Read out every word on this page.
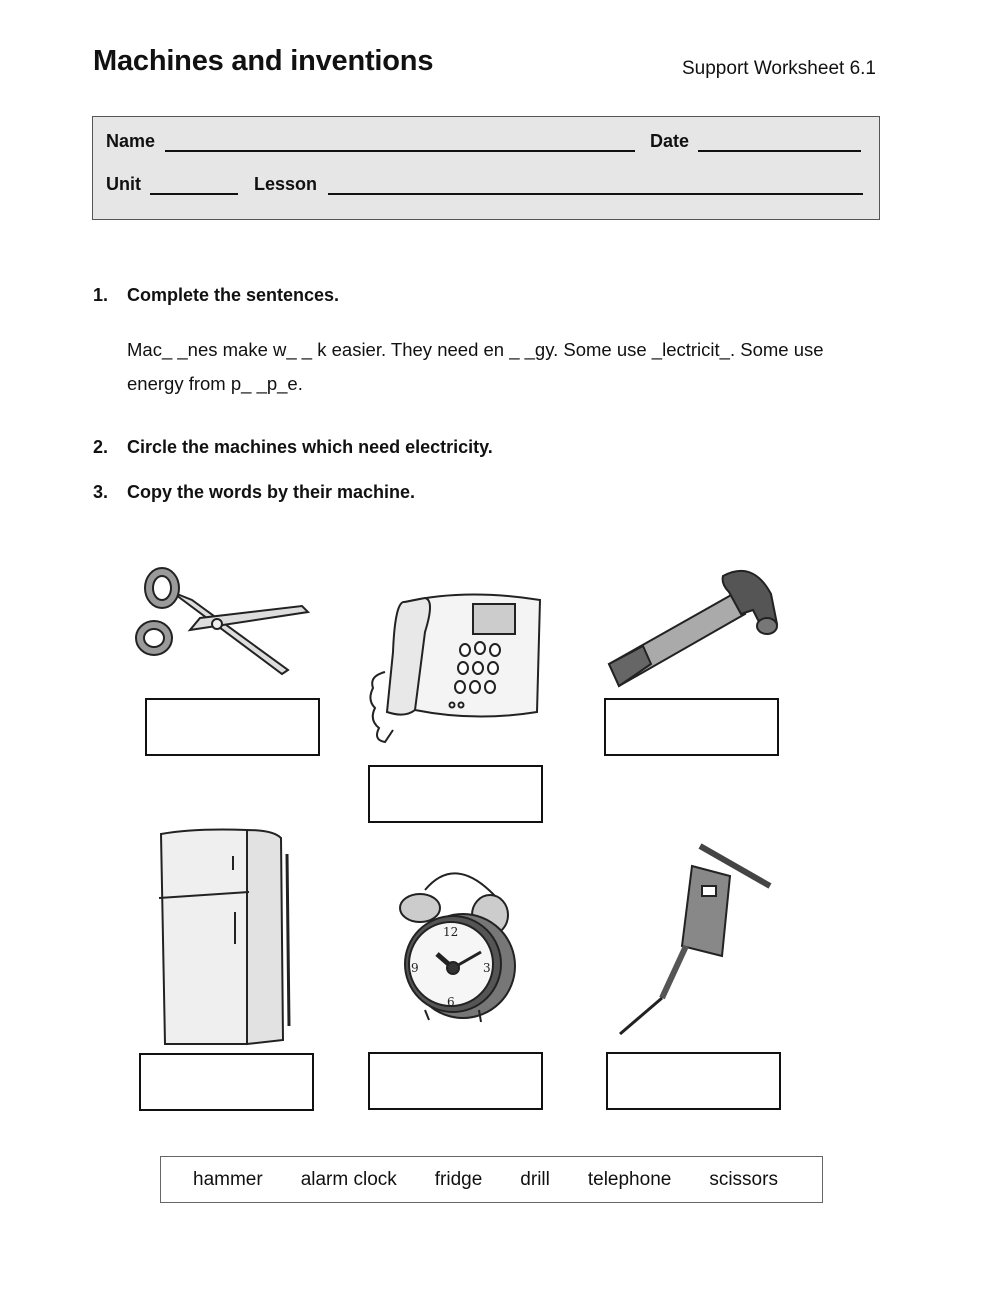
Machines and inventions	Support Worksheet 6.1
Name	Date
Unit	Lesson
1. Complete the sentences.
Mac_ _nes make w_ _ k easier. They need en _ _gy. Some use _lectricit_. Some use
energy from p_ _p_e.
2. Circle the machines which need electricity.
3. Copy the words by their machine.
12
3
9
6
hammer alarm clock fridge drill telephone scissors
